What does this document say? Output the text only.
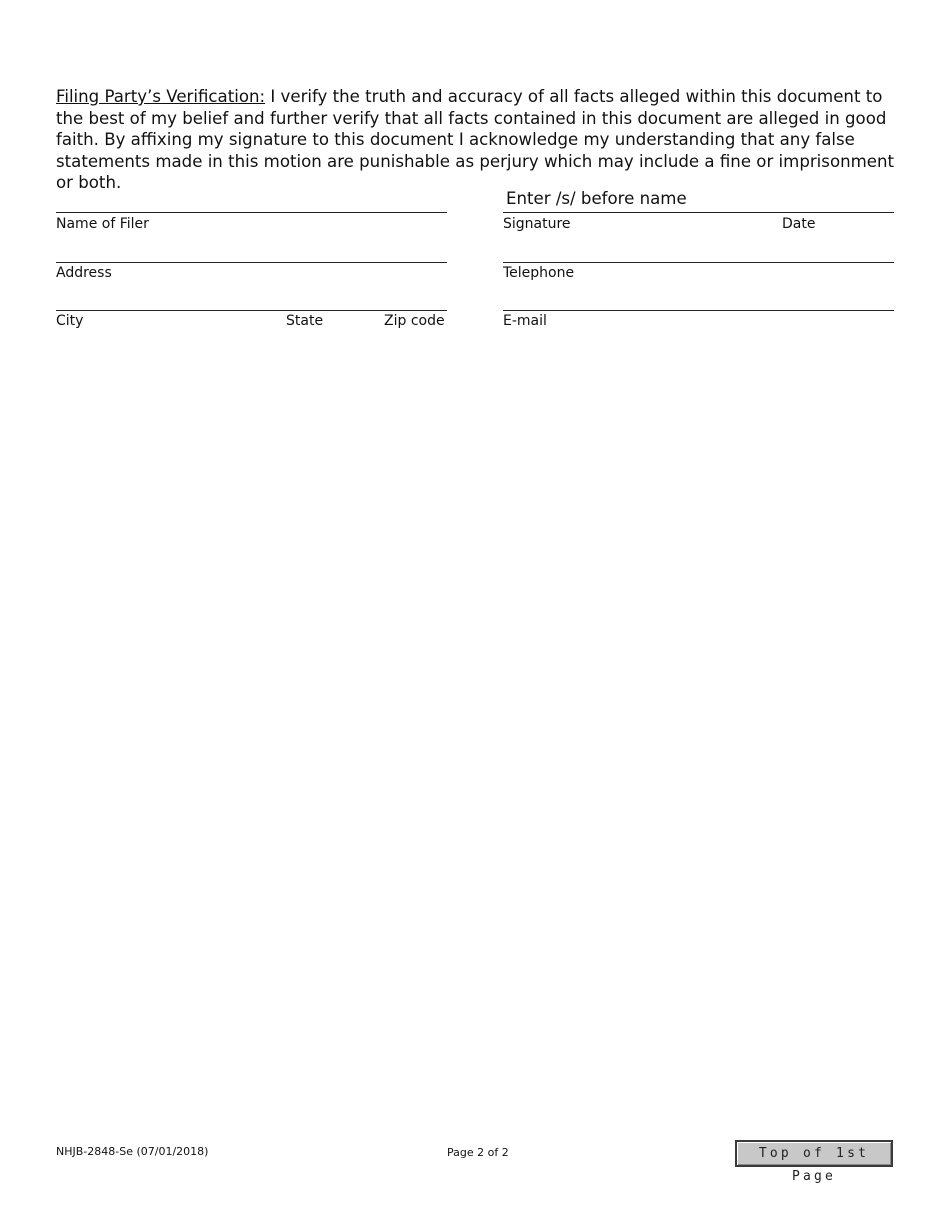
Filing Party’s Verification: I verify the truth and accuracy of all facts alleged within this document to the best of my belief and further verify that all facts contained in this document are alleged in good faith. By affixing my signature to this document I acknowledge my understanding that any false statements made in this motion are punishable as perjury which may include a fine or imprisonment or both.

Enter /s/ before name
Name of Filer	Signature	Date
Address	Telephone
City	State	Zip code	E-mail
NHJB-2848-Se (07/01/2018)	Page 2 of 2	Top of 1st Page
